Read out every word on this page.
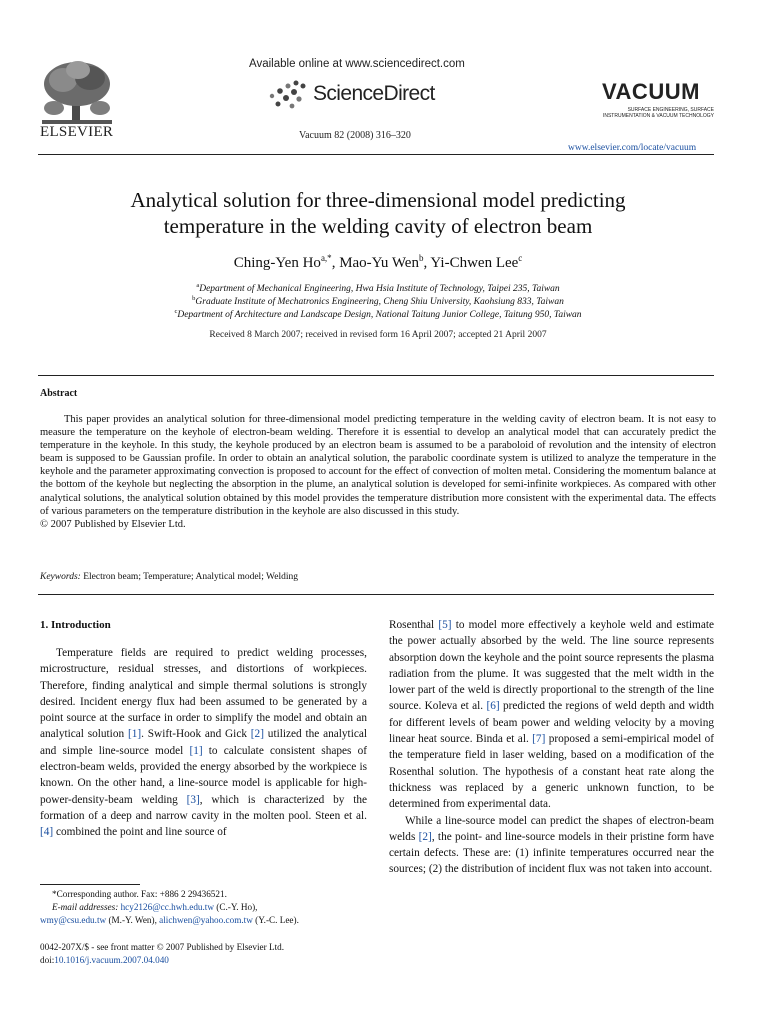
ELSEVIER
Available online at www.sciencedirect.com
ScienceDirect
Vacuum 82 (2008) 316–320
VACUUM
SURFACE ENGINEERING, SURFACE INSTRUMENTATION & VACUUM TECHNOLOGY
www.elsevier.com/locate/vacuum
Analytical solution for three-dimensional model predicting
temperature in the welding cavity of electron beam
Ching-Yen $Ho^{a,*}$, Mao-Yu Wen$^b$, Yi-Chwen Lee$^c$
$^a$Department of Mechanical Engineering, Hwa Hsia Institute of Technology, Taipei 235, Taiwan
$^b$Graduate Institute of Mechatronics Engineering, Cheng Shiu University, Kaohsiung 833, Taiwan
$^c$Department of Architecture and Landscape Design, National Taitung Junior College, Taitung 950, Taiwan
Received 8 March 2007; received in revised form 16 April 2007; accepted 21 April 2007
Abstract
This paper provides an analytical solution for three-dimensional model predicting temperature in the welding cavity of electron beam. It is not easy to measure the temperature on the keyhole of electron-beam welding. Therefore it is essential to develop an analytical model that can accurately predict the temperature in the keyhole. In this study, the keyhole produced by an electron beam is assumed to be a paraboloid of revolution and the intensity of electron beam is supposed to be Gaussian profile. In order to obtain an analytical solution, the parabolic coordinate system is utilized to analyze the temperature in the keyhole and the parameter approximating convection is proposed to account for the effect of convection of molten metal. Considering the momentum balance at the bottom of the keyhole but neglecting the absorption in the plume, an analytical solution is developed for semi-infinite workpieces. As compared with other analytical solutions, the analytical solution obtained by this model provides the temperature distribution more consistent with the experimental data. The effects of various parameters on the temperature distribution in the keyhole are also discussed in this study.
© 2007 Published by Elsevier Ltd.
Keywords: Electron beam; Temperature; Analytical model; Welding
1. Introduction
Temperature fields are required to predict welding processes, microstructure, residual stresses, and distortions of workpieces. Therefore, finding analytical and simple thermal solutions is strongly desired. Incident energy flux had been assumed to be generated by a point source at the surface in order to simplify the model and obtain an analytical solution [1]. Swift-Hook and Gick [2] utilized the analytical and simple line-source model [1] to calculate consistent shapes of electron-beam welds, provided the energy absorbed by the workpiece is known. On the other hand, a line-source model is applicable for high-power-density-beam welding [3], which is characterized by the formation of a deep and narrow cavity in the molten pool. Steen et al. [4] combined the point and line source of

Rosenthal [5] to model more effectively a keyhole weld and estimate the power actually absorbed by the weld. The line source represents absorption down the keyhole and the point source represents the plasma radiation from the plume. It was suggested that the melt width in the lower part of the weld is directly proportional to the strength of the line source. Koleva et al. [6] predicted the regions of weld depth and width for different levels of beam power and welding velocity by a moving linear heat source. Binda et al. [7] proposed a semi-empirical model of the temperature field in laser welding, based on a modification of the Rosenthal solution. The hypothesis of a constant heat rate along the thickness was replaced by a generic unknown function, to be determined from experimental data.

While a line-source model can predict the shapes of electron-beam welds [2], the point- and line-source models in their pristine form have certain defects. These are: (1) infinite temperatures occurred near the sources; (2) the distribution of incident flux was not taken into account.

*Corresponding author. Fax: +886 2 29436521.
E-mail addresses: hcy2126@cc.hwh.edu.tw (C.-Y. Ho),
wmy@csu.edu.tw (M.-Y. Wen), alichwen@yahoo.com.tw (Y.-C. Lee).
0042-207X/$ - see front matter © 2007 Published by Elsevier Ltd.
doi:10.1016/j.vacuum.2007.04.040
